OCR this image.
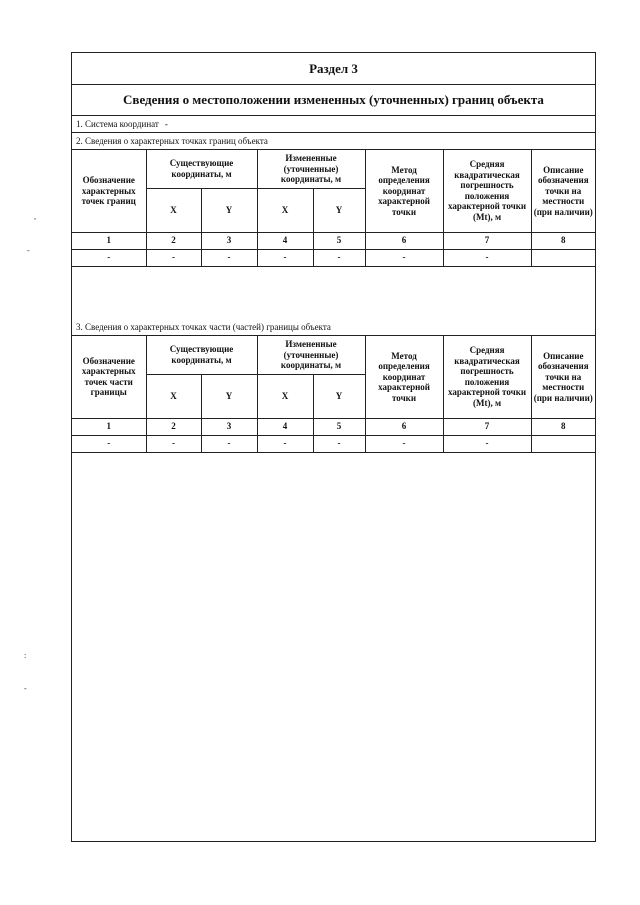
,
-
:
-
Раздел 3
Сведения о местоположении измененных (уточненных) границ объекта
1. Система координат -
2. Сведения о характерных точках границ объекта
Обозначение характерных точек границ	Существующие координаты, м		Измененные (уточненные) координаты, м		Метод определения координат характерной точки	Средняя квадратическая погрешность положения характерной точки (Mt), м	Описание обозначения точки на местности (при наличии)
	X	Y	X	Y			
1	2	3	4	5	6	7	8
-	-	-	-	-	-	-	
3. Сведения о характерных точках части (частей) границы объекта
Обозначение характерных точек части границы	Существующие координаты, м		Измененные (уточненные) координаты, м		Метод определения координат характерной точки	Средняя квадратическая погрешность положения характерной точки (Mt), м	Описание обозначения точки на местности (при наличии)
	X	Y	X	Y			
1	2	3	4	5	6	7	8
-	-	-	-	-	-	-	
